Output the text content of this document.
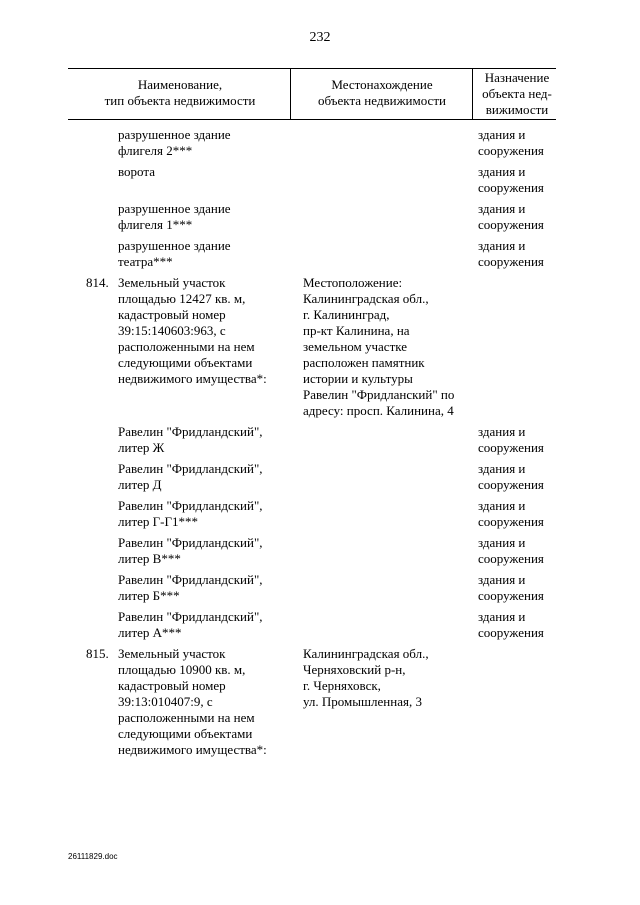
232
Наименование,
тип объекта недвижимости
Местонахождение
объекта недвижимости
Назначение
объекта нед-
вижимости
разрушенное здание
флигеля 2***
здания и
сооружения
ворота	здания и
сооружения
разрушенное здание
флигеля 1***
здания и
сооружения
разрушенное здание
театра***
здания и
сооружения
814. Земельный участок
площадью 12427 кв. м,
кадастровый номер
39:15:140603:963, с
расположенными на нем
следующими объектами
недвижимого имущества*:
Местоположение:
Калининградская обл.,
г. Калининград,
пр-кт Калинина, на
земельном участке
расположен памятник
истории и культуры
Равелин "Фридланский" по
адресу: просп. Калинина, 4
Равелин "Фридландский",
литер Ж
здания и
сооружения
Равелин "Фридландский",
литер Д
здания и
сооружения
Равелин "Фридландский",
литер Г-Г1***
здания и
сооружения
Равелин "Фридландский",
литер В***
здания и
сооружения
Равелин "Фридландский",
литер Б***
здания и
сооружения
Равелин "Фридландский",
литер А***
здания и
сооружения
815. Земельный участок
площадью 10900 кв. м,
кадастровый номер
39:13:010407:9, с
расположенными на нем
следующими объектами
недвижимого имущества*:
Калининградская обл.,
Черняховский р-н,
г. Черняховск,
ул. Промышленная, 3
26111829.doc
